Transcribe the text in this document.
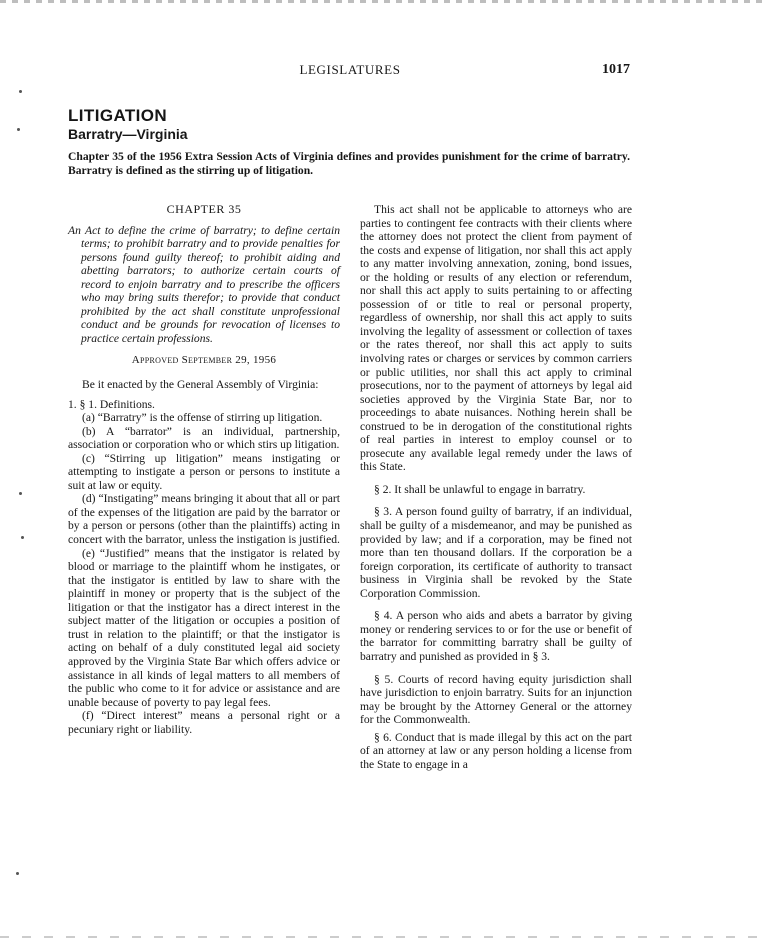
LEGISLATURES	1017
LITIGATION
Barratry—Virginia

Chapter 35 of the 1956 Extra Session Acts of Virginia defines and provides punishment for the crime of barratry. Barratry is defined as the stirring up of litigation.

CHAPTER 35

An Act to define the crime of barratry; to define certain terms; to prohibit barratry and to provide penalties for persons found guilty thereof; to prohibit aiding and abetting barrators; to authorize certain courts of record to enjoin barratry and to prescribe the officers who may bring suits therefor; to provide that conduct prohibited by the act shall constitute unprofessional conduct and be grounds for revocation of licenses to practice certain professions.

Approved September 29, 1956

Be it enacted by the General Assembly of Virginia:

1. § 1. Definitions.

(a) “Barratry” is the offense of stirring up litigation.

(b) A “barrator” is an individual, partnership, association or corporation who or which stirs up litigation.

(c) “Stirring up litigation” means instigating or attempting to instigate a person or persons to institute a suit at law or equity.

(d) “Instigating” means bringing it about that all or part of the expenses of the litigation are paid by the barrator or by a person or persons (other than the plaintiffs) acting in concert with the barrator, unless the instigation is justified.

(e) “Justified” means that the instigator is related by blood or marriage to the plaintiff whom he instigates, or that the instigator is entitled by law to share with the plaintiff in money or property that is the subject of the litigation or that the instigator has a direct interest in the subject matter of the litigation or occupies a position of trust in relation to the plaintiff; or that the instigator is acting on behalf of a duly constituted legal aid society approved by the Virginia State Bar which offers advice or assistance in all kinds of legal matters to all members of the public who come to it for advice or assistance and are unable because of poverty to pay legal fees.

(f) “Direct interest” means a personal right or a pecuniary right or liability.

This act shall not be applicable to attorneys who are parties to contingent fee contracts with their clients where the attorney does not protect the client from payment of the costs and expense of litigation, nor shall this act apply to any matter involving annexation, zoning, bond issues, or the holding or results of any election or referendum, nor shall this act apply to suits pertaining to or affecting possession of or title to real or personal property, regardless of ownership, nor shall this act apply to suits involving the legality of assessment or collection of taxes or the rates thereof, nor shall this act apply to suits involving rates or charges or services by common carriers or public utilities, nor shall this act apply to criminal prosecutions, nor to the payment of attorneys by legal aid societies approved by the Virginia State Bar, nor to proceedings to abate nuisances. Nothing herein shall be construed to be in derogation of the constitutional rights of real parties in interest to employ counsel or to prosecute any available legal remedy under the laws of this State.

§ 2. It shall be unlawful to engage in barratry.

§ 3. A person found guilty of barratry, if an individual, shall be guilty of a misdemeanor, and may be punished as provided by law; and if a corporation, may be fined not more than ten thousand dollars. If the corporation be a foreign corporation, its certificate of authority to transact business in Virginia shall be revoked by the State Corporation Commission.

§ 4. A person who aids and abets a barrator by giving money or rendering services to or for the use or benefit of the barrator for committing barratry shall be guilty of barratry and punished as provided in § 3.

§ 5. Courts of record having equity jurisdiction shall have jurisdiction to enjoin barratry. Suits for an injunction may be brought by the Attorney General or the attorney for the Commonwealth.

§ 6. Conduct that is made illegal by this act on the part of an attorney at law or any person holding a license from the State to engage in a
